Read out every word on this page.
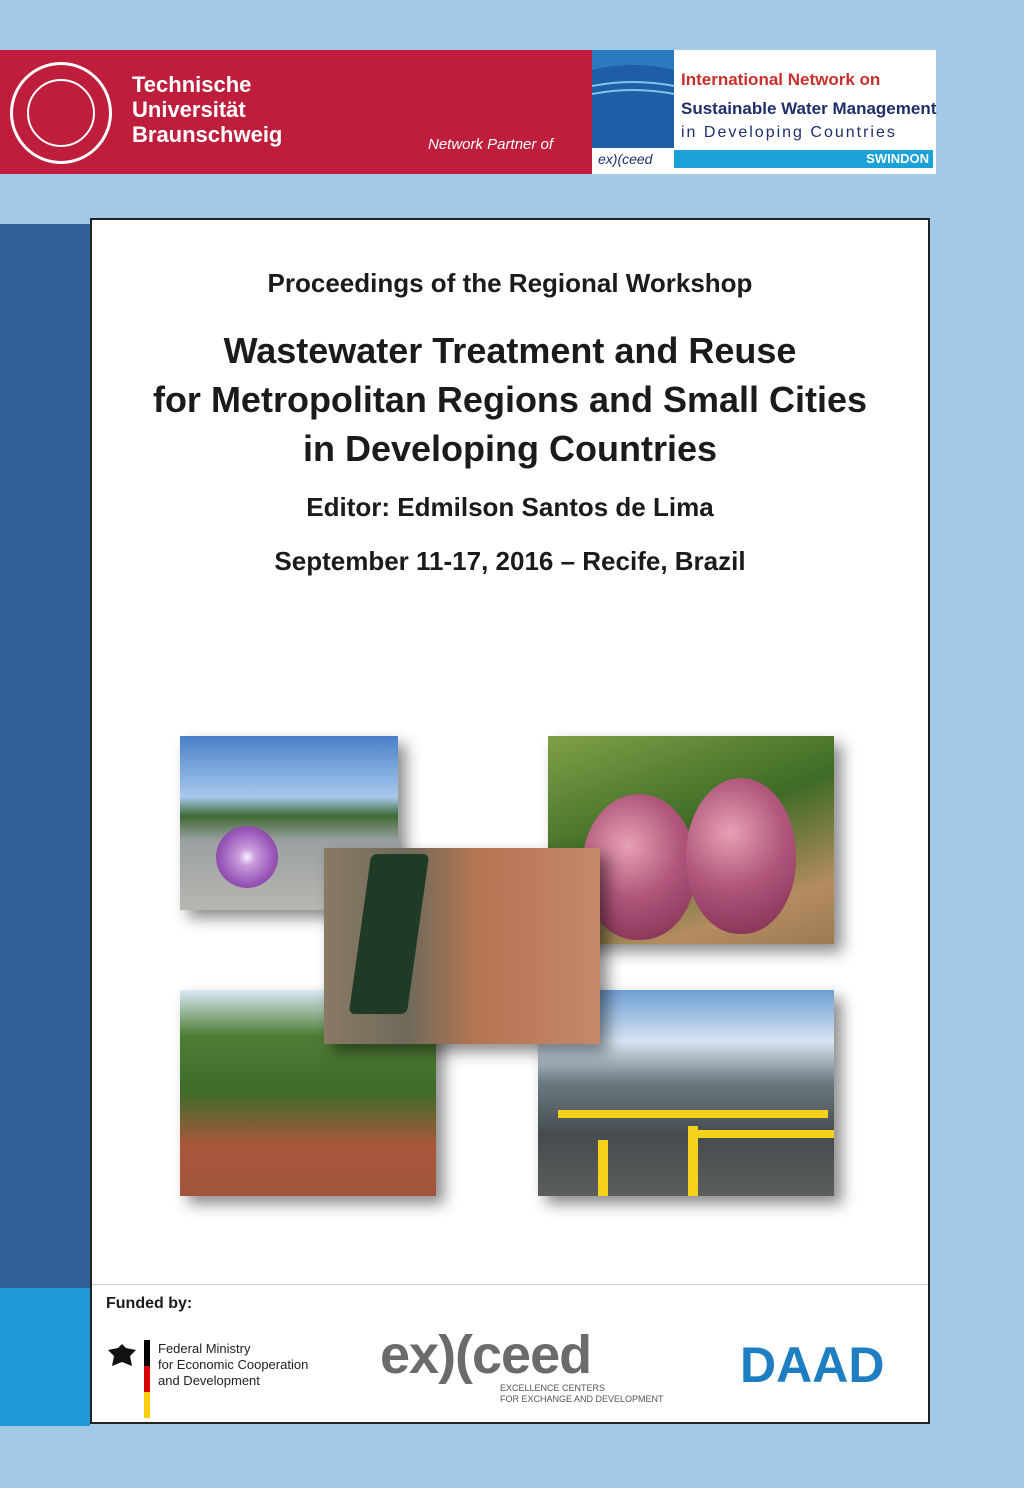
Technische
Universität
Braunschweig	Network Partner of
International Network on
Sustainable Water Management
in Developing Countries
ex)(ceed	SWINDON
Proceedings of the Regional Workshop
Wastewater Treatment and Reuse
for Metropolitan Regions and Small Cities
in Developing Countries
Editor: Edmilson Santos de Lima
September 11-17, 2016 – Recife, Brazil
Funded by:
Federal Ministry
for Economic Cooperation
and Development	ex)(ceed
EXCELLENCE CENTERS
FOR EXCHANGE AND DEVELOPMENT
DAAD
